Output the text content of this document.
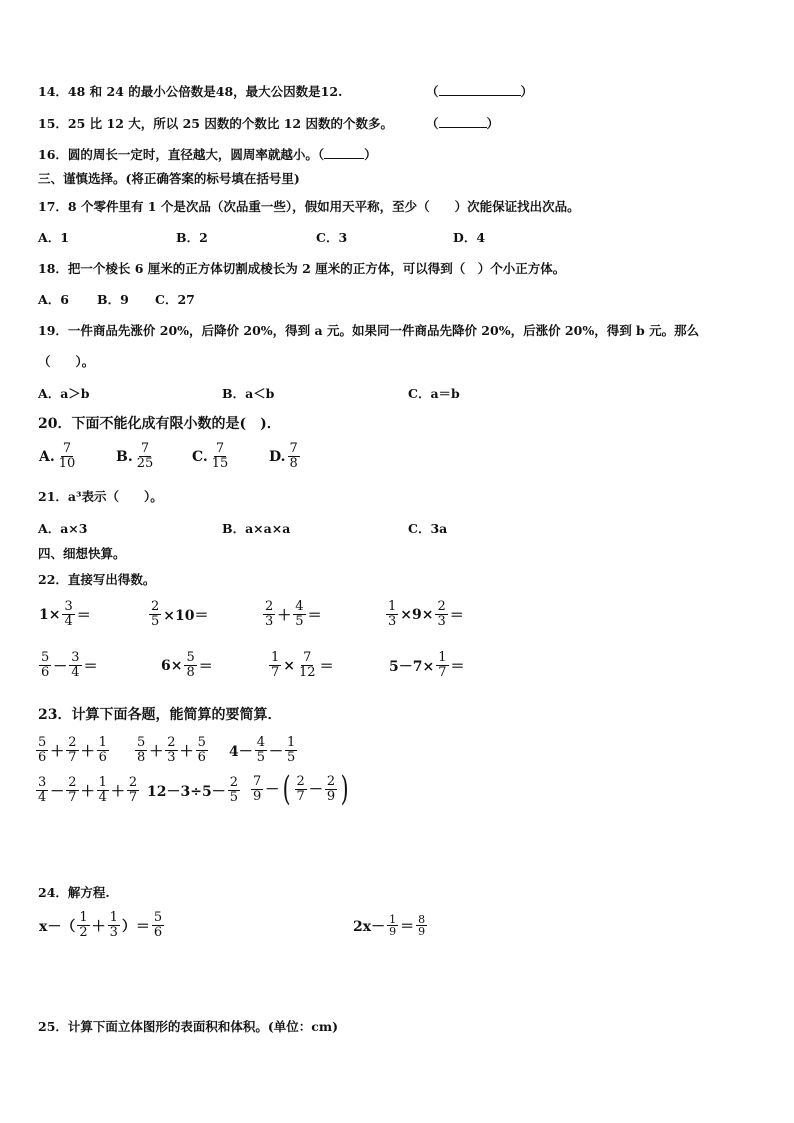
14．48 和 24 的最小公倍数是48，最大公因数是12.	（	）
15．25 比 12 大，所以 25 因数的个数比 12 因数的个数多。	（	）
16．圆的周长一定时，直径越大，圆周率就越小。（	）
三、谨慎选择。(将正确答案的标号填在括号里)
17．8 个零件里有 1 个是次品（次品重一些），假如用天平称，至少（　　）次能保证找出次品。
A．1	B．2	C．3	D．4
18．把一个棱长 6 厘米的正方体切割成棱长为 2 厘米的正方体，可以得到（　）个小正方体。
A．6 B．9 C．27
19．一件商品先涨价 20%，后降价 20%，得到 a 元。如果同一件商品先降价 20%，后涨价 20%，得到 b 元。那么
（　　）。
A．a＞b	B．a＜b	C．a＝b
20．下面不能化成有限小数的是(　)．
A. $\frac{7}{10}$	B. $\frac{7}{25}$	C. $\frac{7}{15}$	D. $\frac{7}{8}$
21．a³表示（　　）。
A．a×3	B．a×a×a	C．3a
四、细想快算。
22．直接写出得数。
$1\times \frac{3}{4}$ ＝	$\frac{2}{5} \times 10=$	$\frac{2}{3} + \frac{4}{5}$ ＝	$\frac{1}{3} \times 9\times \frac{2}{3}$ ＝
$\frac{5}{6} - \frac{3}{4}$ ＝	$6\times \frac{5}{8}$ ＝	$\frac{1}{7} \times \frac{7}{12}$ ＝	$5-7\times \frac{1}{7}$ ＝
23．计算下面各题，能简算的要简算．
$\frac{5}{6} + \frac{2}{7} + \frac{1}{6} \frac{5}{8} + \frac{2}{3} + \frac{5}{6} 4- \frac{4}{5} - \frac{1}{5}$
$\frac{3}{4} - \frac{2}{7} + \frac{1}{4} + \frac{2}{7} 12-3\div 5- \frac{2}{5} \frac{7}{9}$ － ( $\frac{2}{7} - \frac{2}{9}$ )
24．解方程.
$x-( \frac{1}{2} + \frac{1}{3}$ ）＝ $\frac{5}{6}$	$2x- \frac{1}{9} = \frac{8}{9}$
25．计算下面立体图形的表面积和体积。(单位：cm)
